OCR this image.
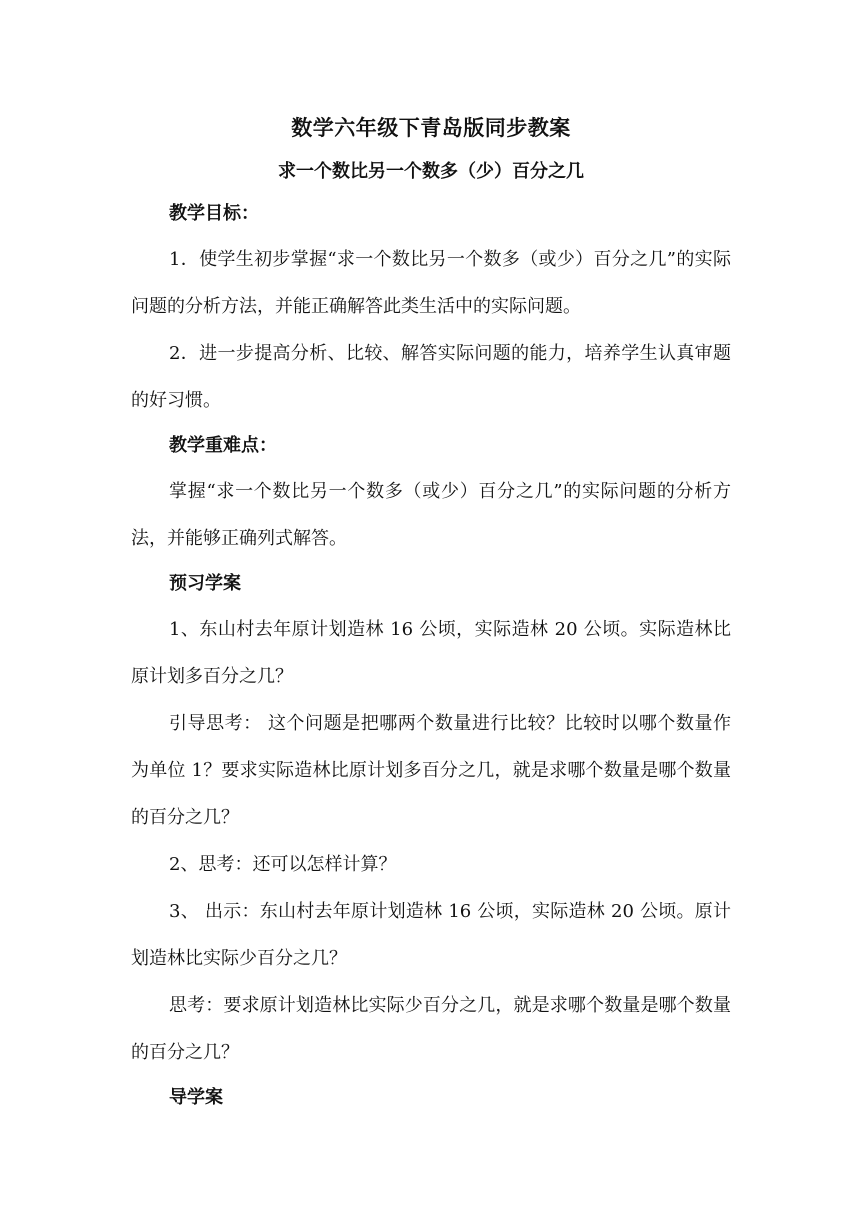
数学六年级下青岛版同步教案
求一个数比另一个数多（少）百分之几

教学目标：

1．使学生初步掌握“求一个数比另一个数多（或少）百分之几”的实际问题的分析方法，并能正确解答此类生活中的实际问题。

2．进一步提高分析、比较、解答实际问题的能力，培养学生认真审题的好习惯。

教学重难点：

掌握“求一个数比另一个数多（或少）百分之几”的实际问题的分析方法，并能够正确列式解答。

预习学案

1、东山村去年原计划造林 16 公顷，实际造林 20 公顷。实际造林比原计划多百分之几？

引导思考： 这个问题是把哪两个数量进行比较？比较时以哪个数量作为单位 1？要求实际造林比原计划多百分之几，就是求哪个数量是哪个数量的百分之几？

2、思考：还可以怎样计算？

3、 出示：东山村去年原计划造林 16 公顷，实际造林 20 公顷。原计划造林比实际少百分之几？

思考：要求原计划造林比实际少百分之几，就是求哪个数量是哪个数量的百分之几？

导学案
